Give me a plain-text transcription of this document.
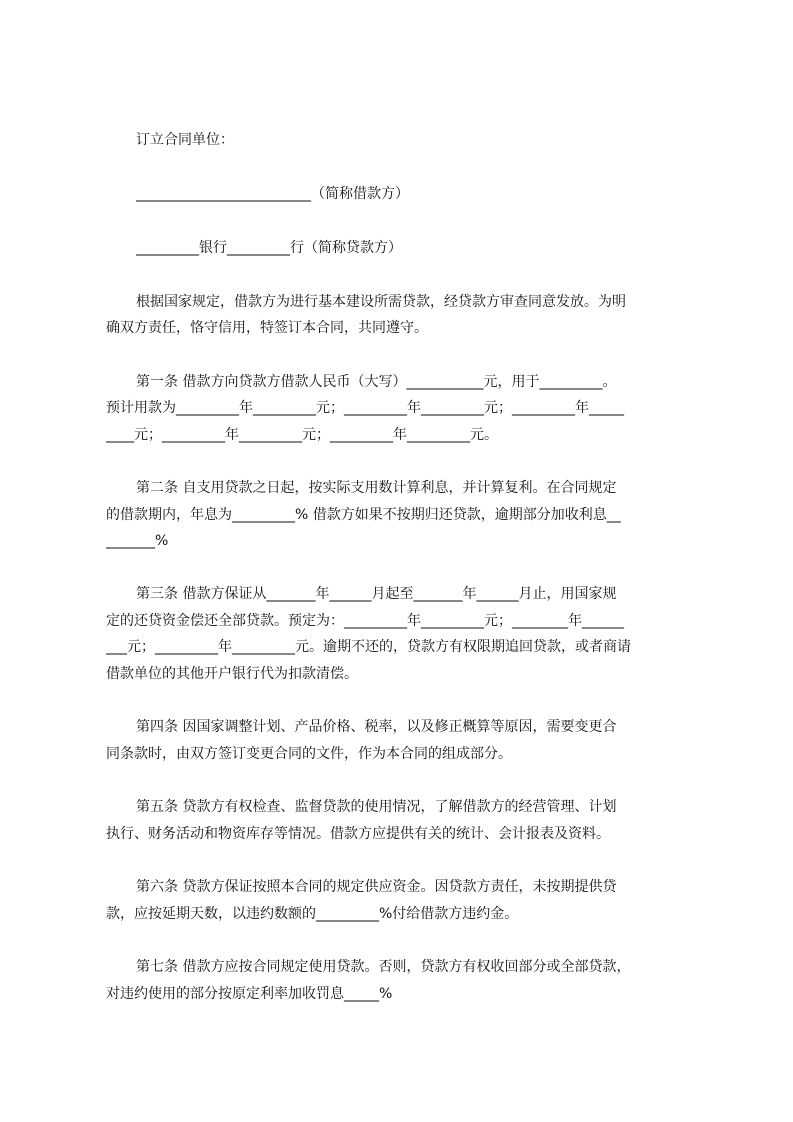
订立合同单位：
_________________________（简称借款方）
_________银行_________行（简称贷款方）
根据国家规定，借款方为进行基本建设所需贷款，经贷款方审查同意发放。为明
确双方责任，恪守信用，特签订本合同，共同遵守。
第一条 借款方向贷款方借款人民币（大写）___________元，用于_________。
预计用款为_________年_________元；_________年_________元；_________年_____
____元；_________年_________元；_________年_________元。
第二条 自支用贷款之日起，按实际支用数计算利息，并计算复利。在合同规定
的借款期内，年息为_________% 借款方如果不按期归还贷款，逾期部分加收利息__
_______%
第三条 借款方保证从_______年______月起至_______年______月止，用国家规
定的还贷资金偿还全部贷款。预定为：_________年_________元；________年______
___元；_________年_________元。逾期不还的，贷款方有权限期追回贷款，或者商请
借款单位的其他开户银行代为扣款清偿。
第四条 因国家调整计划、产品价格、税率，以及修正概算等原因，需要变更合
同条款时，由双方签订变更合同的文件，作为本合同的组成部分。
第五条 贷款方有权检查、监督贷款的使用情况，了解借款方的经营管理、计划
执行、财务活动和物资库存等情况。借款方应提供有关的统计、会计报表及资料。
第六条 贷款方保证按照本合同的规定供应资金。因贷款方责任，未按期提供贷
款，应按延期天数，以违约数额的_________%付给借款方违约金。
第七条 借款方应按合同规定使用贷款。否则，贷款方有权收回部分或全部贷款，
对违约使用的部分按原定利率加收罚息_____%
